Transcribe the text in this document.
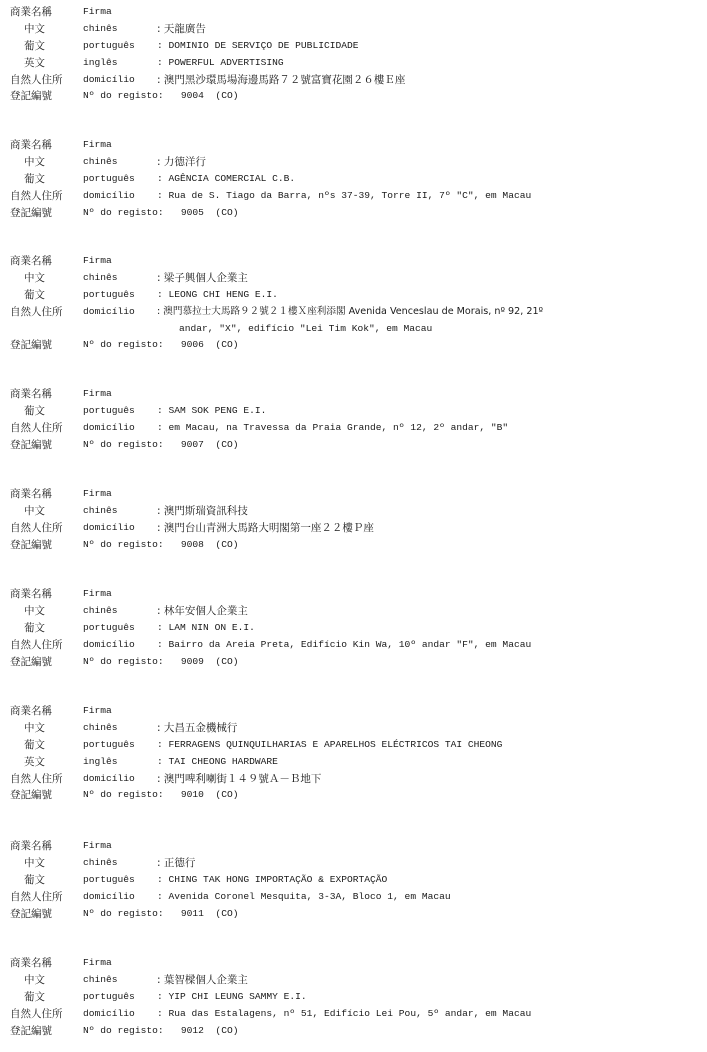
商業名稱	Firma
中文	chinês	: 天龍廣告
葡文	português : DOMINIO DE SERVIÇO DE PUBLICIDADE
英文	inglês	: POWERFUL ADVERTISING
自然人住所 domicílio : 澳門黑沙環馬場海邊馬路７２號富寶花園２６樓Ｅ座
登記編號	Nº do registo: 9004  (CO)
商業名稱	Firma
中文	chinês	: 力德洋行
葡文	português : AGÊNCIA COMERCIAL C.B.
自然人住所 domicílio : Rua de S. Tiago da Barra, nºs 37-39, Torre II, 7º "C", em Macau
登記編號	Nº do registo: 9005  (CO)
商業名稱	Firma
中文	chinês	: 梁子興個人企業主
葡文	português : LEONG CHI HENG E.I.
自然人住所 domicílio : 澳門慕拉士大馬路９２號２１樓Ｘ座利添閣 Avenida Venceslau de Morais, nº 92, 21º
andar, "X", edifício "Lei Tim Kok", em Macau
登記編號	Nº do registo: 9006  (CO)
商業名稱	Firma
葡文	português : SAM SOK PENG E.I.
自然人住所 domicílio : em Macau, na Travessa da Praia Grande, nº 12, 2º andar, "B"
登記編號	Nº do registo: 9007  (CO)
商業名稱	Firma
中文	chinês	: 澳門斯瑞資訊科技
自然人住所 domicílio : 澳門台山青洲大馬路大明閣第一座２２樓Ｐ座
登記編號	Nº do registo: 9008  (CO)
商業名稱	Firma
中文	chinês	: 林年安個人企業主
葡文	português : LAM NIN ON E.I.
自然人住所 domicílio : Bairro da Areia Preta, Edifício Kin Wa, 10º andar "F", em Macau
登記編號	Nº do registo: 9009  (CO)
商業名稱	Firma
中文	chinês	: 大昌五金機械行
葡文	português : FERRAGENS QUINQUILHARIAS E APARELHOS ELÉCTRICOS TAI CHEONG
英文	inglês	: TAI CHEONG HARDWARE
自然人住所 domicílio : 澳門啤利喇街１４９號Ａ－Ｂ地下
登記編號	Nº do registo: 9010  (CO)
商業名稱	Firma
中文	chinês	: 正德行
葡文	português : CHING TAK HONG IMPORTAÇÃO & EXPORTAÇÃO
自然人住所 domicílio : Avenida Coronel Mesquita, 3-3A, Bloco 1, em Macau
登記編號	Nº do registo: 9011  (CO)
商業名稱	Firma
中文	chinês	: 葉智樑個人企業主
葡文	português : YIP CHI LEUNG SAMMY E.I.
自然人住所 domicílio : Rua das Estalagens, nº 51, Edifício Lei Pou, 5º andar, em Macau
登記編號	Nº do registo: 9012  (CO)
